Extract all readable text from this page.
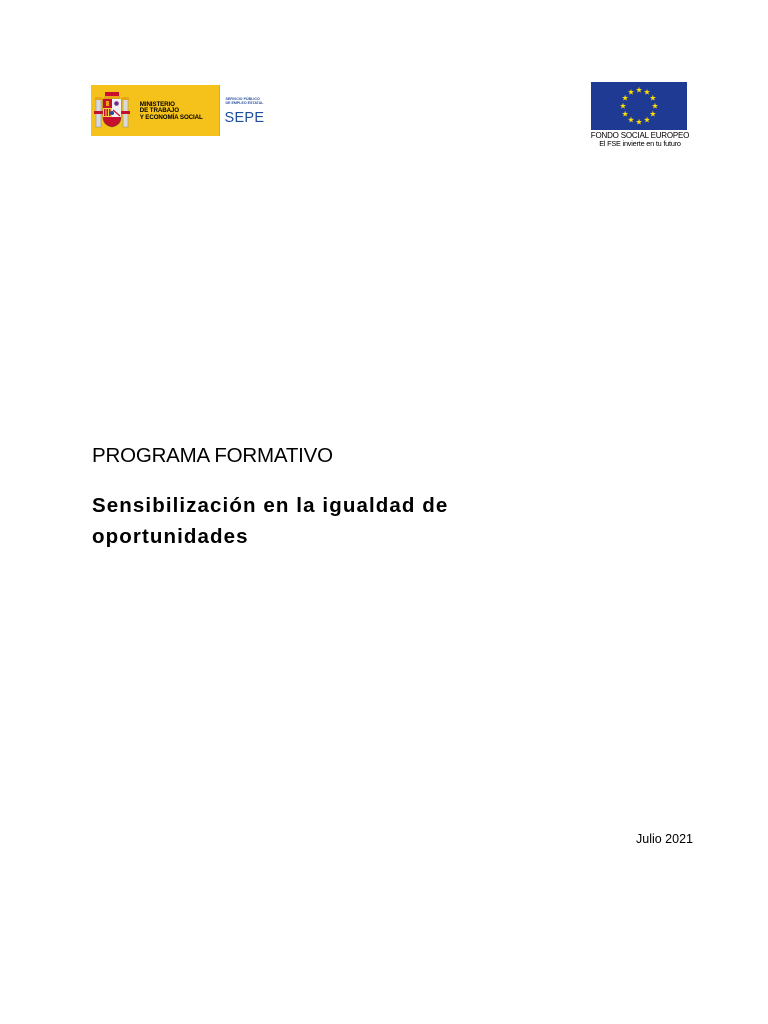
MINISTERIO
DE TRABAJO
Y ECONOMÍA SOCIAL
SERVICIO PÚBLICO
DE EMPLEO ESTATAL
SEPE
FONDO SOCIAL EUROPEO
El FSE invierte en tu futuro
PROGRAMA FORMATIVO
Sensibilización en la igualdad de oportunidades
Julio 2021
